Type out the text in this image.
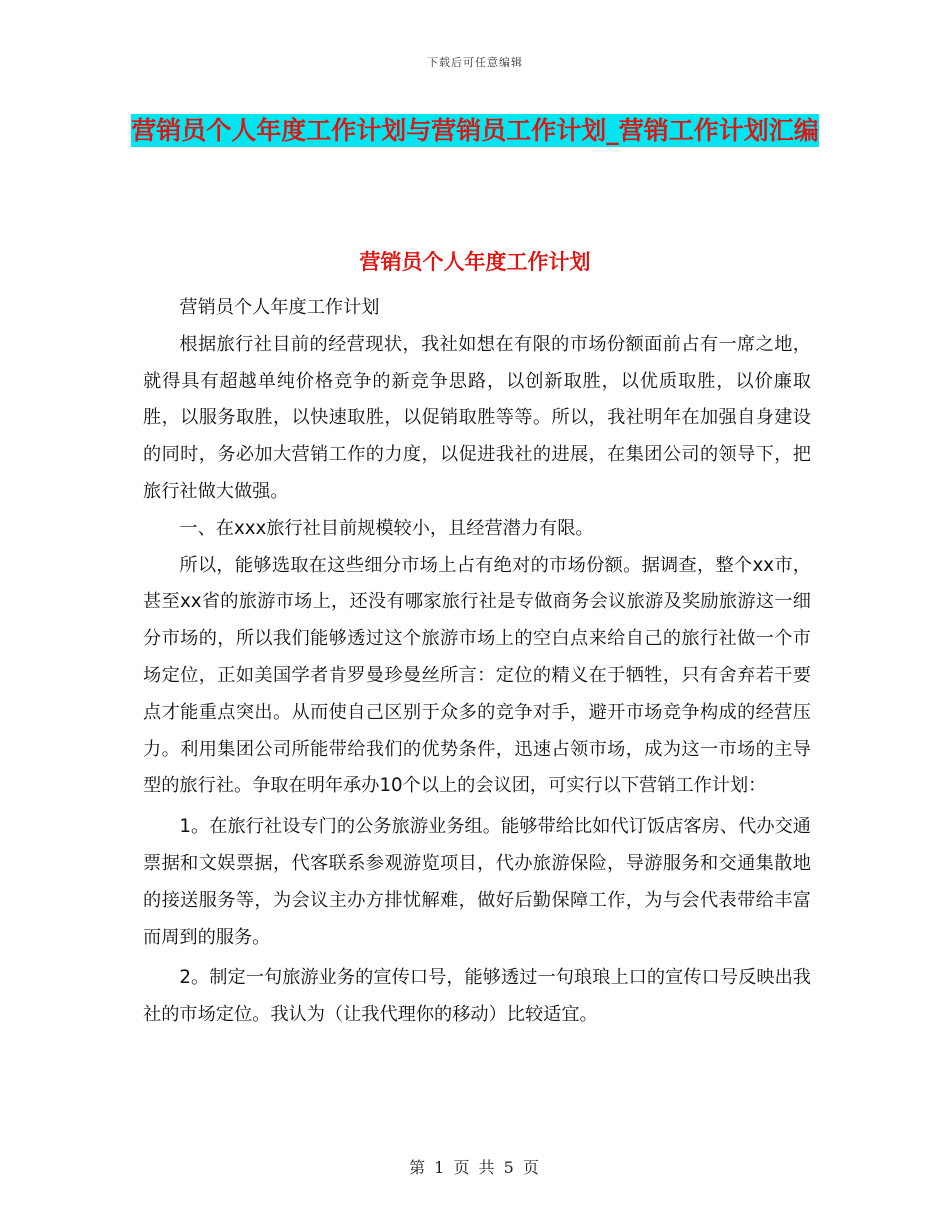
下载后可任意编辑
营销员个人年度工作计划与营销员工作计划_营销工作计划汇编
营销员个人年度工作计划

营销员个人年度工作计划

根据旅行社目前的经营现状，我社如想在有限的市场份额面前占有一席之地，就得具有超越单纯价格竞争的新竞争思路，以创新取胜，以优质取胜，以价廉取胜，以服务取胜，以快速取胜，以促销取胜等等。所以，我社明年在加强自身建设的同时，务必加大营销工作的力度，以促进我社的进展，在集团公司的领导下，把旅行社做大做强。

一、在xxx旅行社目前规模较小，且经营潜力有限。

所以，能够选取在这些细分市场上占有绝对的市场份额。据调查，整个xx市，甚至xx省的旅游市场上，还没有哪家旅行社是专做商务会议旅游及奖励旅游这一细分市场的，所以我们能够透过这个旅游市场上的空白点来给自己的旅行社做一个市场定位，正如美国学者肯罗曼珍曼丝所言：定位的精义在于牺牲，只有舍弃若干要点才能重点突出。从而使自己区别于众多的竞争对手，避开市场竞争构成的经营压力。利用集团公司所能带给我们的优势条件，迅速占领市场，成为这一市场的主导型的旅行社。争取在明年承办10个以上的会议团，可实行以下营销工作计划：

1。在旅行社设专门的公务旅游业务组。能够带给比如代订饭店客房、代办交通票据和文娱票据，代客联系参观游览项目，代办旅游保险，导游服务和交通集散地的接送服务等，为会议主办方排忧解难，做好后勤保障工作，为与会代表带给丰富而周到的服务。

2。制定一句旅游业务的宣传口号，能够透过一句琅琅上口的宣传口号反映出我社的市场定位。我认为（让我代理你的移动）比较适宜。

第 1 页 共 5 页
